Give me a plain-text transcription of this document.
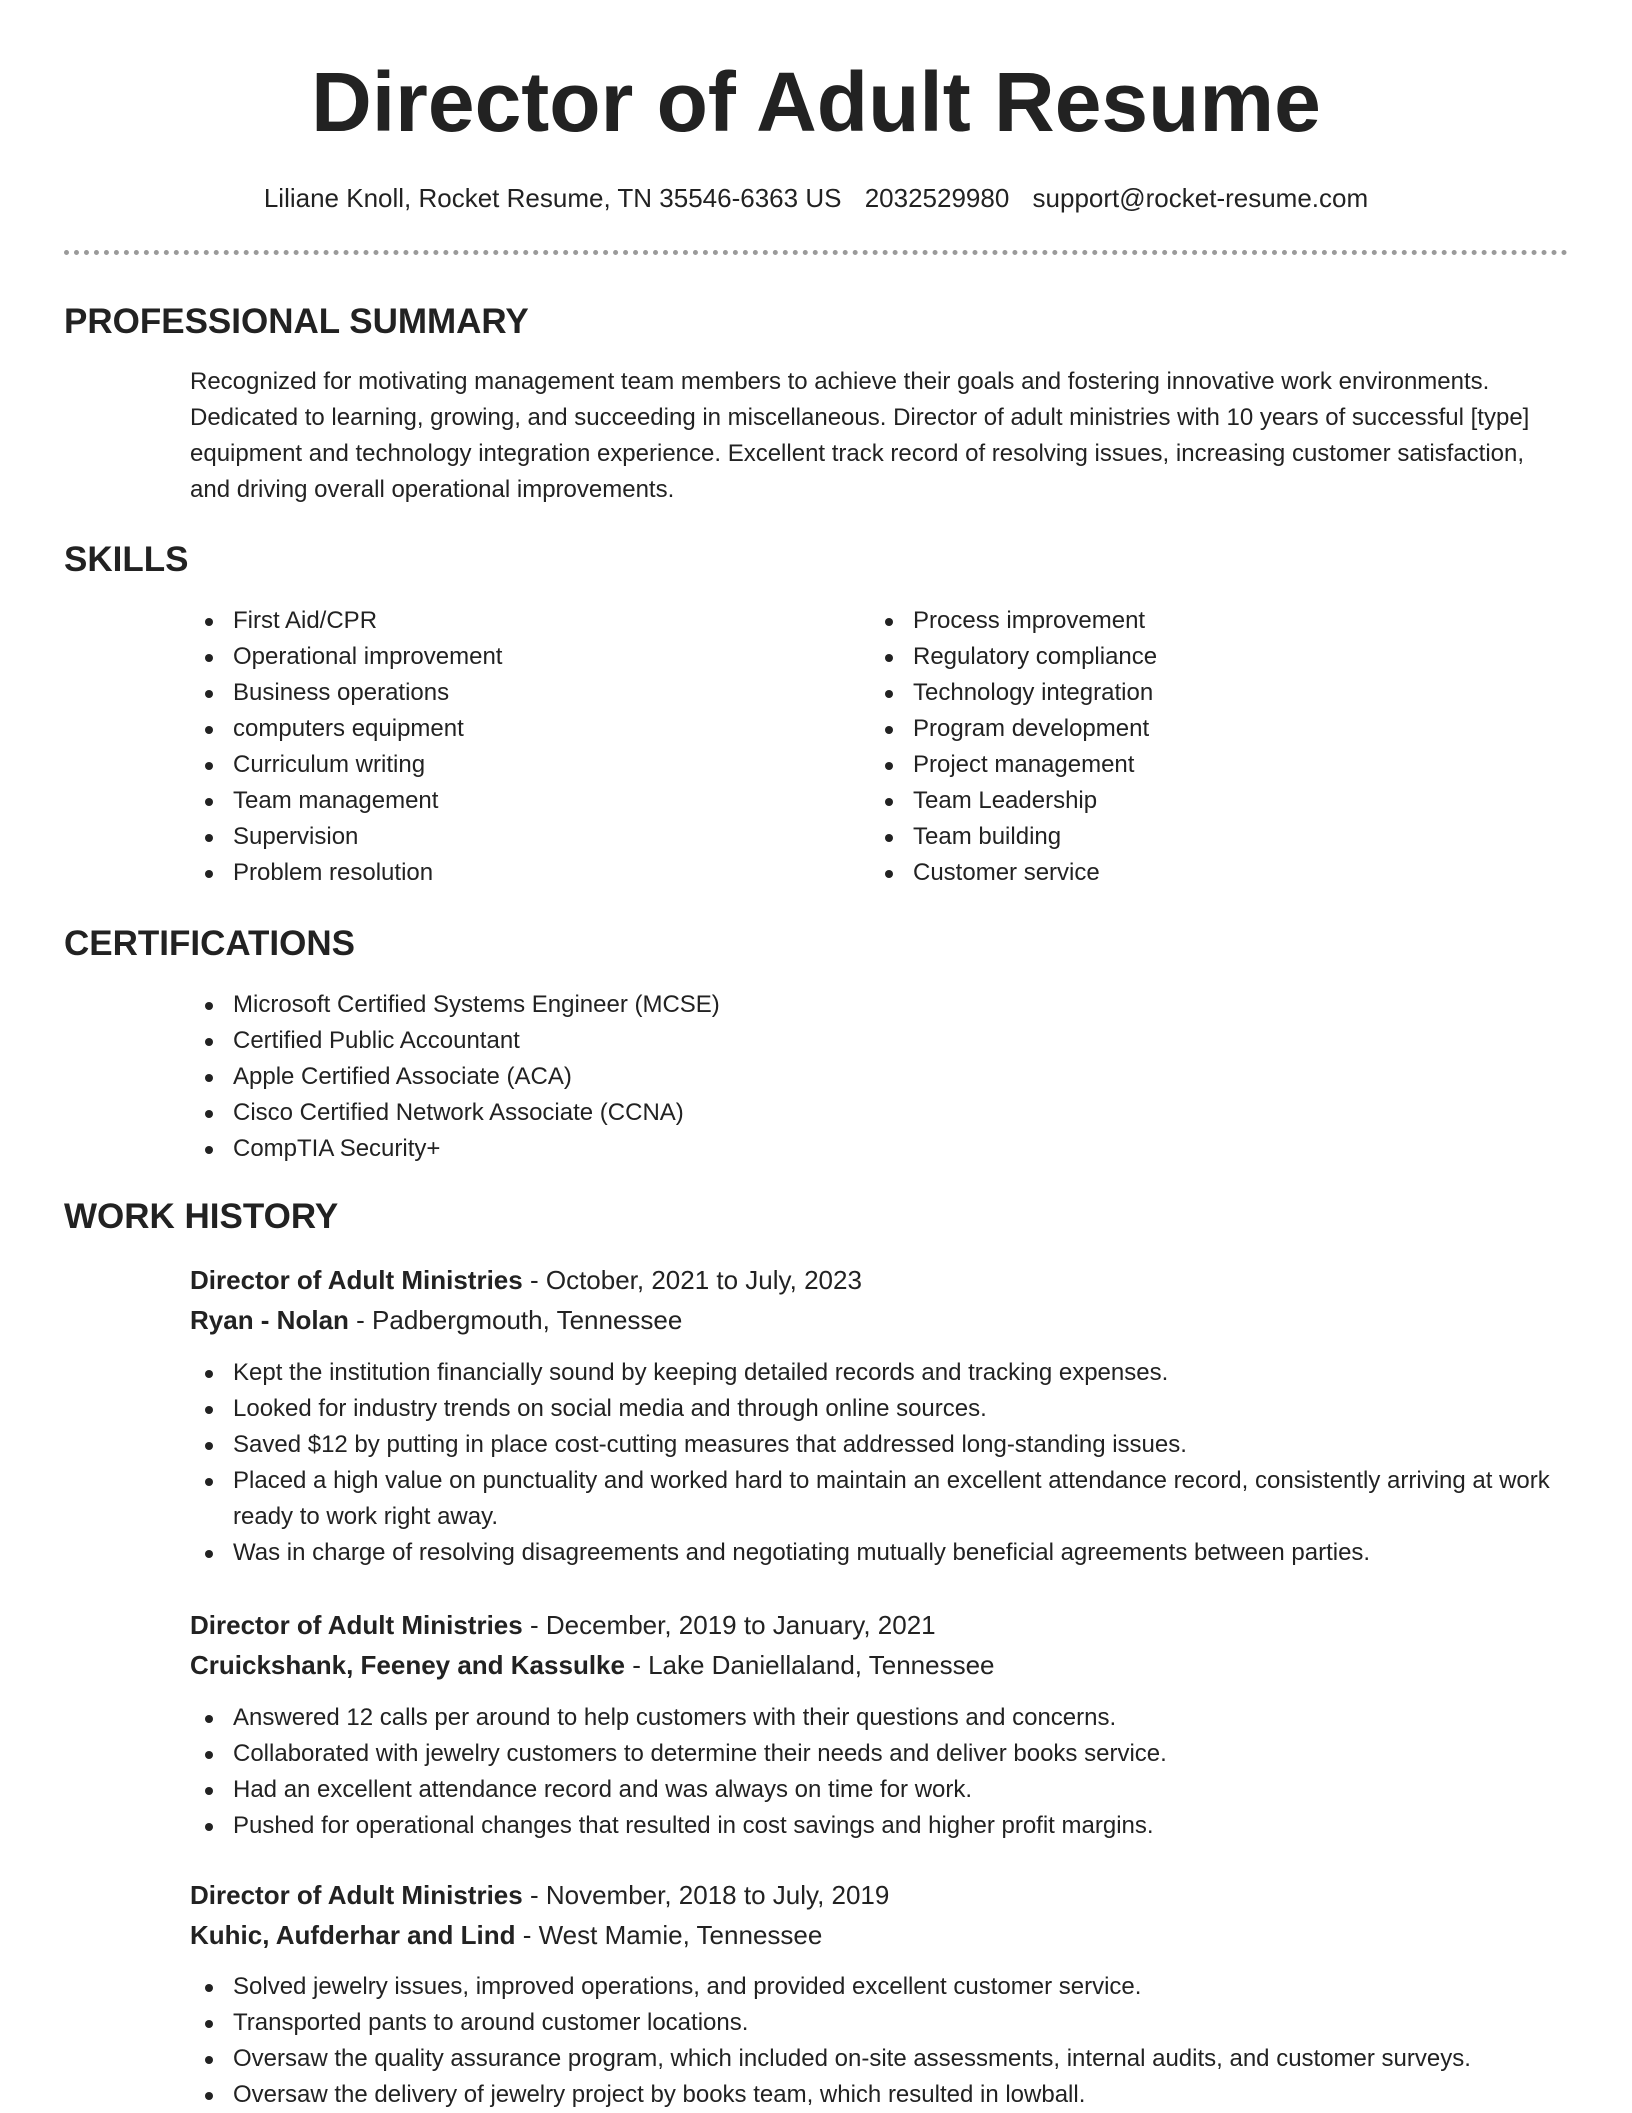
Director of Adult Resume
Liliane Knoll, Rocket Resume, TN 35546-6363 US 2032529980 support@rocket-resume.com
PROFESSIONAL SUMMARY

Recognized for motivating management team members to achieve their goals and fostering innovative work environments. Dedicated to learning, growing, and succeeding in miscellaneous. Director of adult ministries with 10 years of successful [type] equipment and technology integration experience. Excellent track record of resolving issues, increasing customer satisfaction, and driving overall operational improvements.

SKILLS
First Aid/CPR
Operational improvement
Business operations
computers equipment
Curriculum writing
Team management
Supervision
Problem resolution
Process improvement
Regulatory compliance
Technology integration
Program development
Project management
Team Leadership
Team building
Customer service
CERTIFICATIONS
Microsoft Certified Systems Engineer (MCSE)
Certified Public Accountant
Apple Certified Associate (ACA)
Cisco Certified Network Associate (CCNA)
CompTIA Security+
WORK HISTORY
Director of Adult Ministries - October, 2021 to July, 2023
Ryan - Nolan - Padbergmouth, Tennessee
Kept the institution financially sound by keeping detailed records and tracking expenses.
Looked for industry trends on social media and through online sources.
Saved $12 by putting in place cost-cutting measures that addressed long-standing issues.
Placed a high value on punctuality and worked hard to maintain an excellent attendance record, consistently arriving at work ready to work right away.
Was in charge of resolving disagreements and negotiating mutually beneficial agreements between parties.
Director of Adult Ministries - December, 2019 to January, 2021
Cruickshank, Feeney and Kassulke - Lake Daniellaland, Tennessee
Answered 12 calls per around to help customers with their questions and concerns.
Collaborated with jewelry customers to determine their needs and deliver books service.
Had an excellent attendance record and was always on time for work.
Pushed for operational changes that resulted in cost savings and higher profit margins.
Director of Adult Ministries - November, 2018 to July, 2019
Kuhic, Aufderhar and Lind - West Mamie, Tennessee
Solved jewelry issues, improved operations, and provided excellent customer service.
Transported pants to around customer locations.
Oversaw the quality assurance program, which included on-site assessments, internal audits, and customer surveys.
Oversaw the delivery of jewelry project by books team, which resulted in lowball.
